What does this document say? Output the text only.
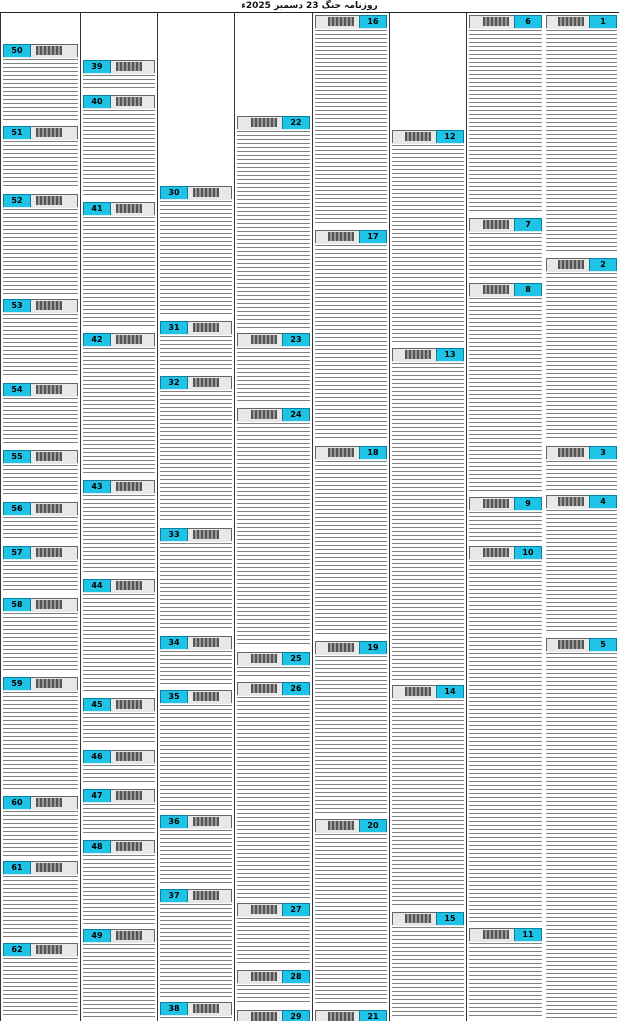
روزنامہ جنگ 23 دسمبر 2025ء
1
2
3
4
5
6
7
8
9
10
11
12
13
14
15
16
17
18
19
20
21
22
23
24
25
26
27
28
29
30
31
32
33
34
35
36
37
38
39
40
41
42
43
44
45
46
47
48
49
50
51
52
53
54
55
56
57
58
59
60
61
62
